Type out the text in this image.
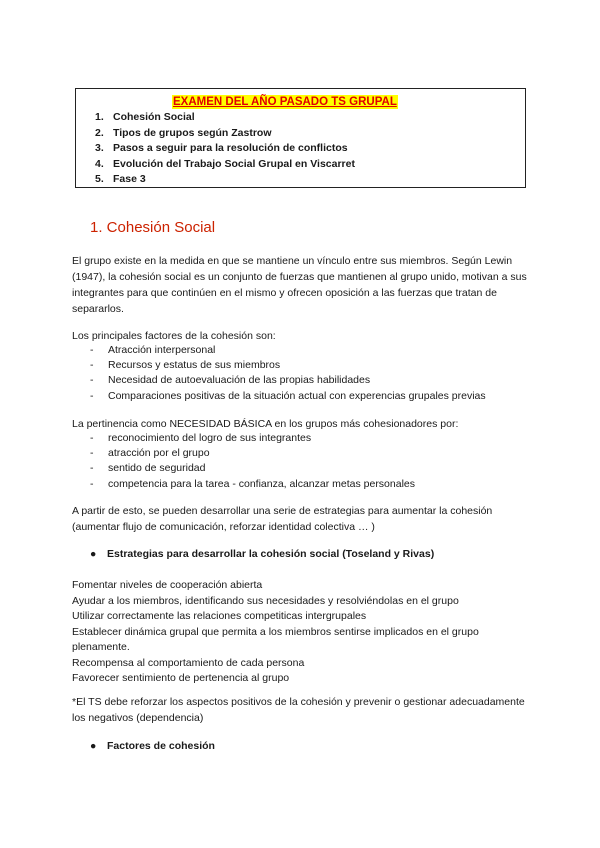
EXAMEN DEL AÑO PASADO TS GRUPAL

1. Cohesión Social
2. Tipos de grupos según Zastrow
3. Pasos a seguir para la resolución de conflictos
4. Evolución del Trabajo Social Grupal en Viscarret
5. Fase 3
1. Cohesión Social

El grupo existe en la medida en que se mantiene un vínculo entre sus miembros. Según Lewin (1947), la cohesión social es un conjunto de fuerzas que mantienen al grupo unido, motivan a sus integrantes para que continúen en el mismo y ofrecen oposición a las fuerzas que tratan de separarlos.

Los principales factores de la cohesión son:

- Atracción interpersonal
- Recursos y estatus de sus miembros
- Necesidad de autoevaluación de las propias habilidades
- Comparaciones positivas de la situación actual con experencias grupales previas

La pertinencia como NECESIDAD BÁSICA en los grupos más cohesionadores por:

- reconocimiento del logro de sus integrantes
- atracción por el grupo
- sentido de seguridad
- competencia para la tarea - confianza, alcanzar metas personales

A partir de esto, se pueden desarrollar una serie de estrategias para aumentar la cohesión (aumentar flujo de comunicación, reforzar identidad colectiva … )

● Estrategias para desarrollar la cohesión social (Toseland y Rivas)

Fomentar niveles de cooperación abierta
Ayudar a los miembros, identificando sus necesidades y resolviéndolas en el grupo
Utilizar correctamente las relaciones competiticas intergrupales
Establecer dinámica grupal que permita a los miembros sentirse implicados en el grupo plenamente.
Recompensa al comportamiento de cada persona
Favorecer sentimiento de pertenencia al grupo

*El TS debe reforzar los aspectos positivos de la cohesión y prevenir o gestionar adecuadamente los negativos (dependencia)

● Factores de cohesión
